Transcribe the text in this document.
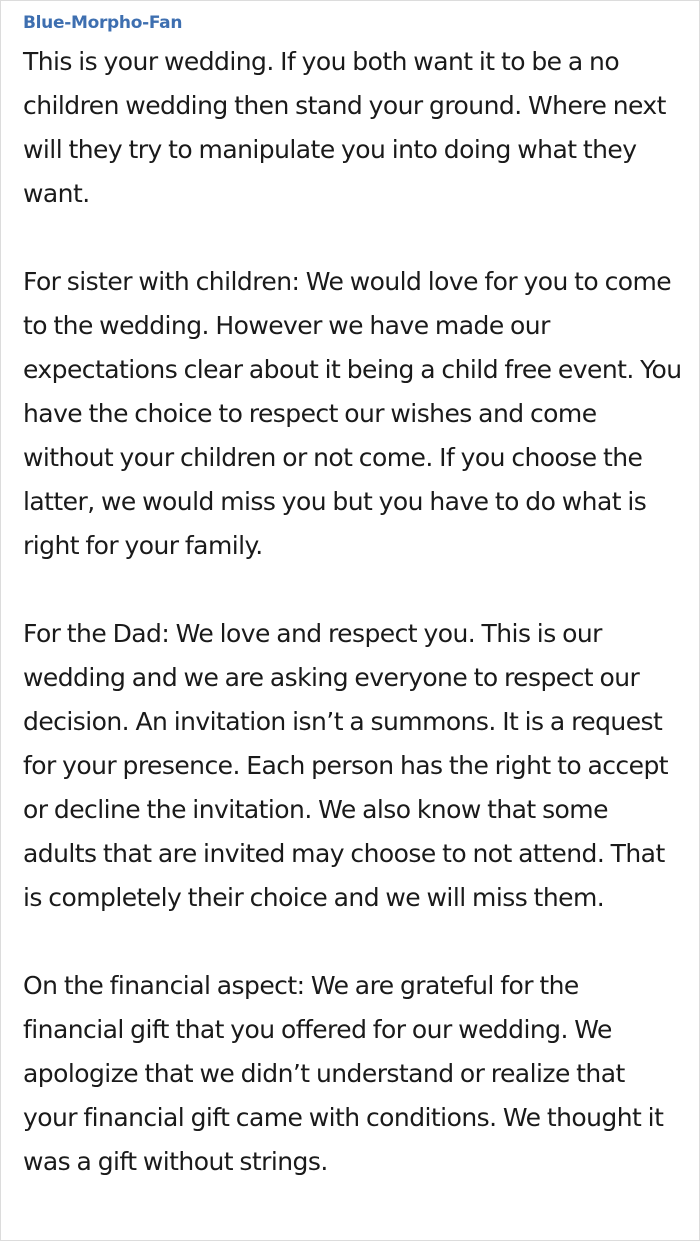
Blue-Morpho-Fan

This is your wedding. If you both want it to be a no children wedding then stand your ground. Where next will they try to manipulate you into doing what they want.

For sister with children: We would love for you to come to the wedding. However we have made our expectations clear about it being a child free event. You have the choice to respect our wishes and come without your children or not come. If you choose the latter, we would miss you but you have to do what is right for your family.

For the Dad: We love and respect you. This is our wedding and we are asking everyone to respect our decision. An invitation isn’t a summons. It is a request for your presence. Each person has the right to accept or decline the invitation. We also know that some adults that are invited may choose to not attend. That is completely their choice and we will miss them.

On the financial aspect: We are grateful for the financial gift that you offered for our wedding. We apologize that we didn’t understand or realize that your financial gift came with conditions. We thought it was a gift without strings.
